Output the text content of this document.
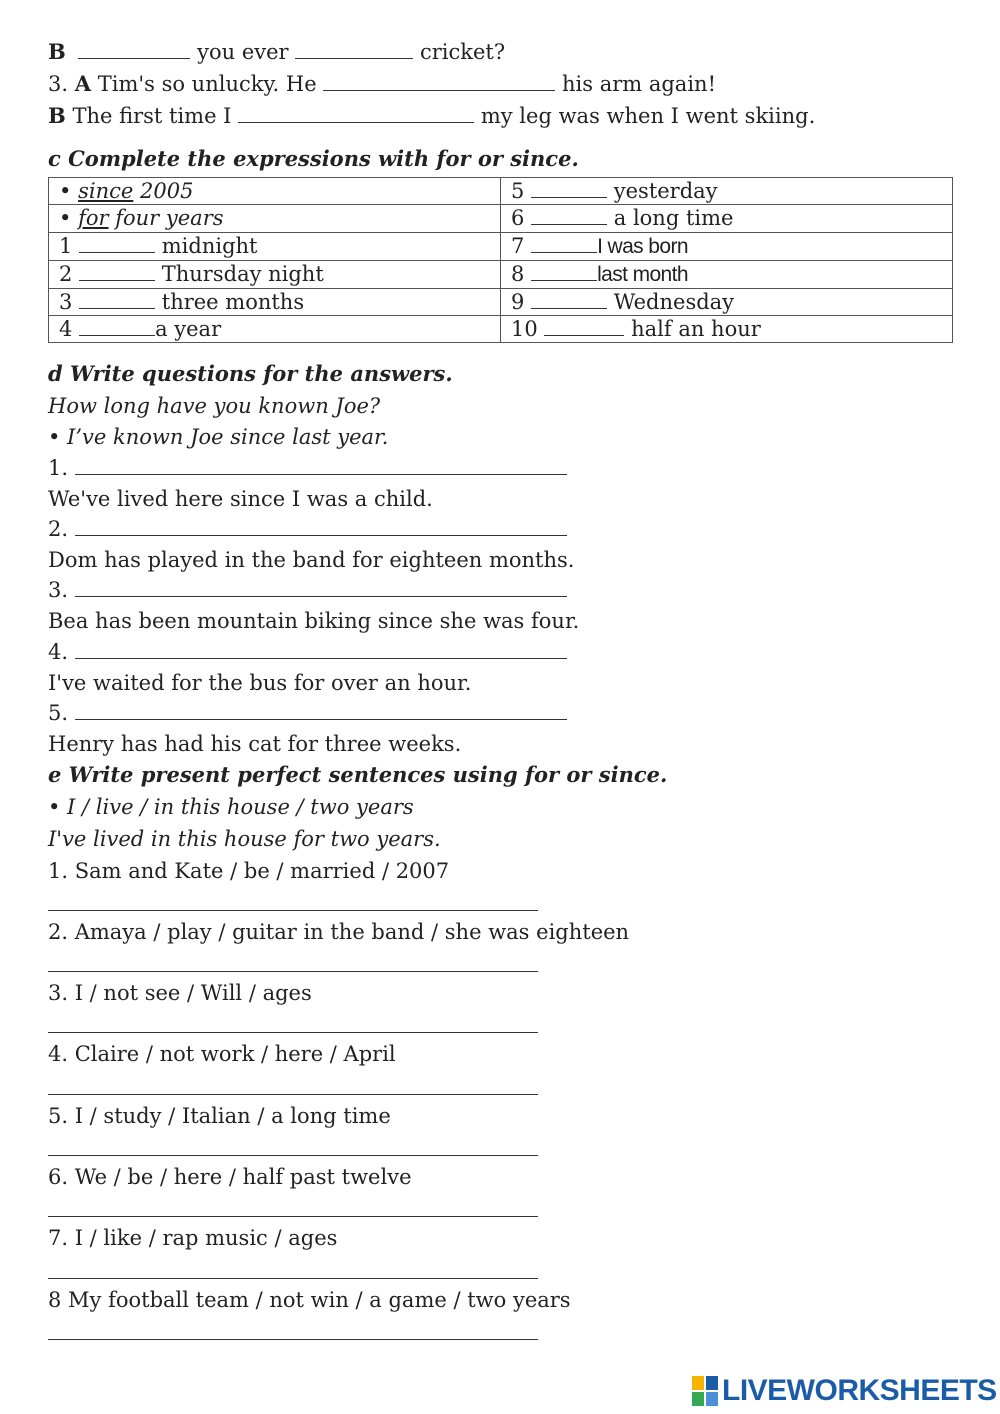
B	you ever	cricket?
3. A Tim's so unlucky. He	his arm again!
B The first time I	my leg was when I went skiing.
c Complete the expressions with for or since.
• since 2005	5 yesterday
• for four years	6 a long time
1 midnight	7 I was born
2 Thursday night	8 last month
3 three months	9 Wednesday
4 a year	10 half an hour
d Write questions for the answers.
How long have you known Joe?
• I’ve known Joe since last year.
1.
We've lived here since I was a child.
2.
Dom has played in the band for eighteen months.
3.
Bea has been mountain biking since she was four.
4.
I've waited for the bus for over an hour.
5.
Henry has had his cat for three weeks.
e Write present perfect sentences using for or since.
• I / live / in this house / two years
I've lived in this house for two years.
1. Sam and Kate / be / married / 2007
2. Amaya / play / guitar in the band / she was eighteen
3. I / not see / Will / ages
4. Claire / not work / here / April
5. I / study / Italian / a long time
6. We / be / here / half past twelve
7. I / like / rap music / ages
8 My football team / not win / a game / two years
LIVEWORKSHEETS
